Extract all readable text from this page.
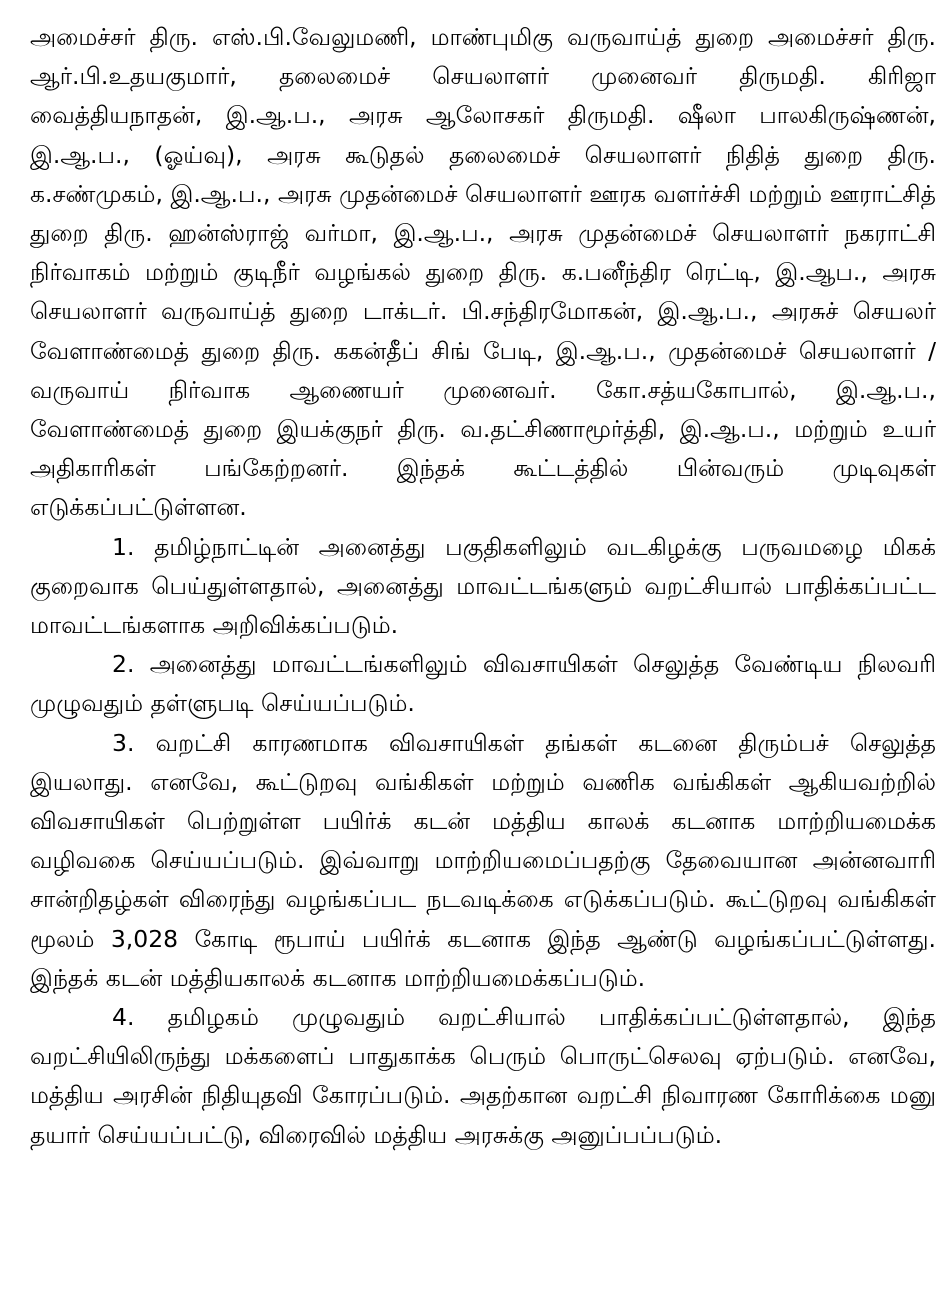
அமைச்சர் திரு. எஸ்.பி.வேலுமணி, மாண்புமிகு வருவாய்த் துறை அமைச்சர் திரு. ஆர்.பி.உதயகுமார், தலைமைச் செயலாளர் முனைவர் திருமதி. கிரிஜா வைத்தியநாதன், இ.ஆ.ப., அரசு ஆலோசகர் திருமதி. ஷீலா பாலகிருஷ்ணன், இ.ஆ.ப., (ஓய்வு), அரசு கூடுதல் தலைமைச் செயலாளர் நிதித் துறை திரு. க.சண்முகம், இ.ஆ.ப., அரசு முதன்மைச் செயலாளர் ஊரக வளர்ச்சி மற்றும் ஊராட்சித் துறை திரு. ஹன்ஸ்ராஜ் வர்மா, இ.ஆ.ப., அரசு முதன்மைச் செயலாளர் நகராட்சி நிர்வாகம் மற்றும் குடிநீர் வழங்கல் துறை திரு. க.பனீந்திர ரெட்டி, இ.ஆப., அரசு செயலாளர் வருவாய்த் துறை டாக்டர். பி.சந்திரமோகன், இ.ஆ.ப., அரசுச் செயலர் வேளாண்மைத் துறை திரு. ககன்தீப் சிங் பேடி, இ.ஆ.ப., முதன்மைச் செயலாளர் / வருவாய் நிர்வாக ஆணையர் முனைவர். கோ.சத்யகோபால், இ.ஆ.ப., வேளாண்மைத் துறை இயக்குநர் திரு. வ.தட்சிணாமூர்த்தி, இ.ஆ.ப., மற்றும் உயர் அதிகாரிகள் பங்கேற்றனர். இந்தக் கூட்டத்தில் பின்வரும் முடிவுகள் எடுக்கப்பட்டுள்ளன.

1. தமிழ்நாட்டின் அனைத்து பகுதிகளிலும் வடகிழக்கு பருவமழை மிகக் குறைவாக பெய்துள்ளதால், அனைத்து மாவட்டங்களும் வறட்சியால் பாதிக்கப்பட்ட மாவட்டங்களாக அறிவிக்கப்படும்.

2. அனைத்து மாவட்டங்களிலும் விவசாயிகள் செலுத்த வேண்டிய நிலவரி முழுவதும் தள்ளுபடி செய்யப்படும்.

3. வறட்சி காரணமாக விவசாயிகள் தங்கள் கடனை திரும்பச் செலுத்த இயலாது. எனவே, கூட்டுறவு வங்கிகள் மற்றும் வணிக வங்கிகள் ஆகியவற்றில் விவசாயிகள் பெற்றுள்ள பயிர்க் கடன் மத்திய காலக் கடனாக மாற்றியமைக்க வழிவகை செய்யப்படும். இவ்வாறு மாற்றியமைப்பதற்கு தேவையான அன்னவாரி சான்றிதழ்கள் விரைந்து வழங்கப்பட நடவடிக்கை எடுக்கப்படும். கூட்டுறவு வங்கிகள் மூலம் 3,028 கோடி ரூபாய் பயிர்க் கடனாக இந்த ஆண்டு வழங்கப்பட்டுள்ளது. இந்தக் கடன் மத்தியகாலக் கடனாக மாற்றியமைக்கப்படும்.

4. தமிழகம் முழுவதும் வறட்சியால் பாதிக்கப்பட்டுள்ளதால், இந்த வறட்சியிலிருந்து மக்களைப் பாதுகாக்க பெரும் பொருட்செலவு ஏற்படும். எனவே, மத்திய அரசின் நிதியுதவி கோரப்படும். அதற்கான வறட்சி நிவாரண கோரிக்கை மனு தயார் செய்யப்பட்டு, விரைவில் மத்திய அரசுக்கு அனுப்பப்படும்.
